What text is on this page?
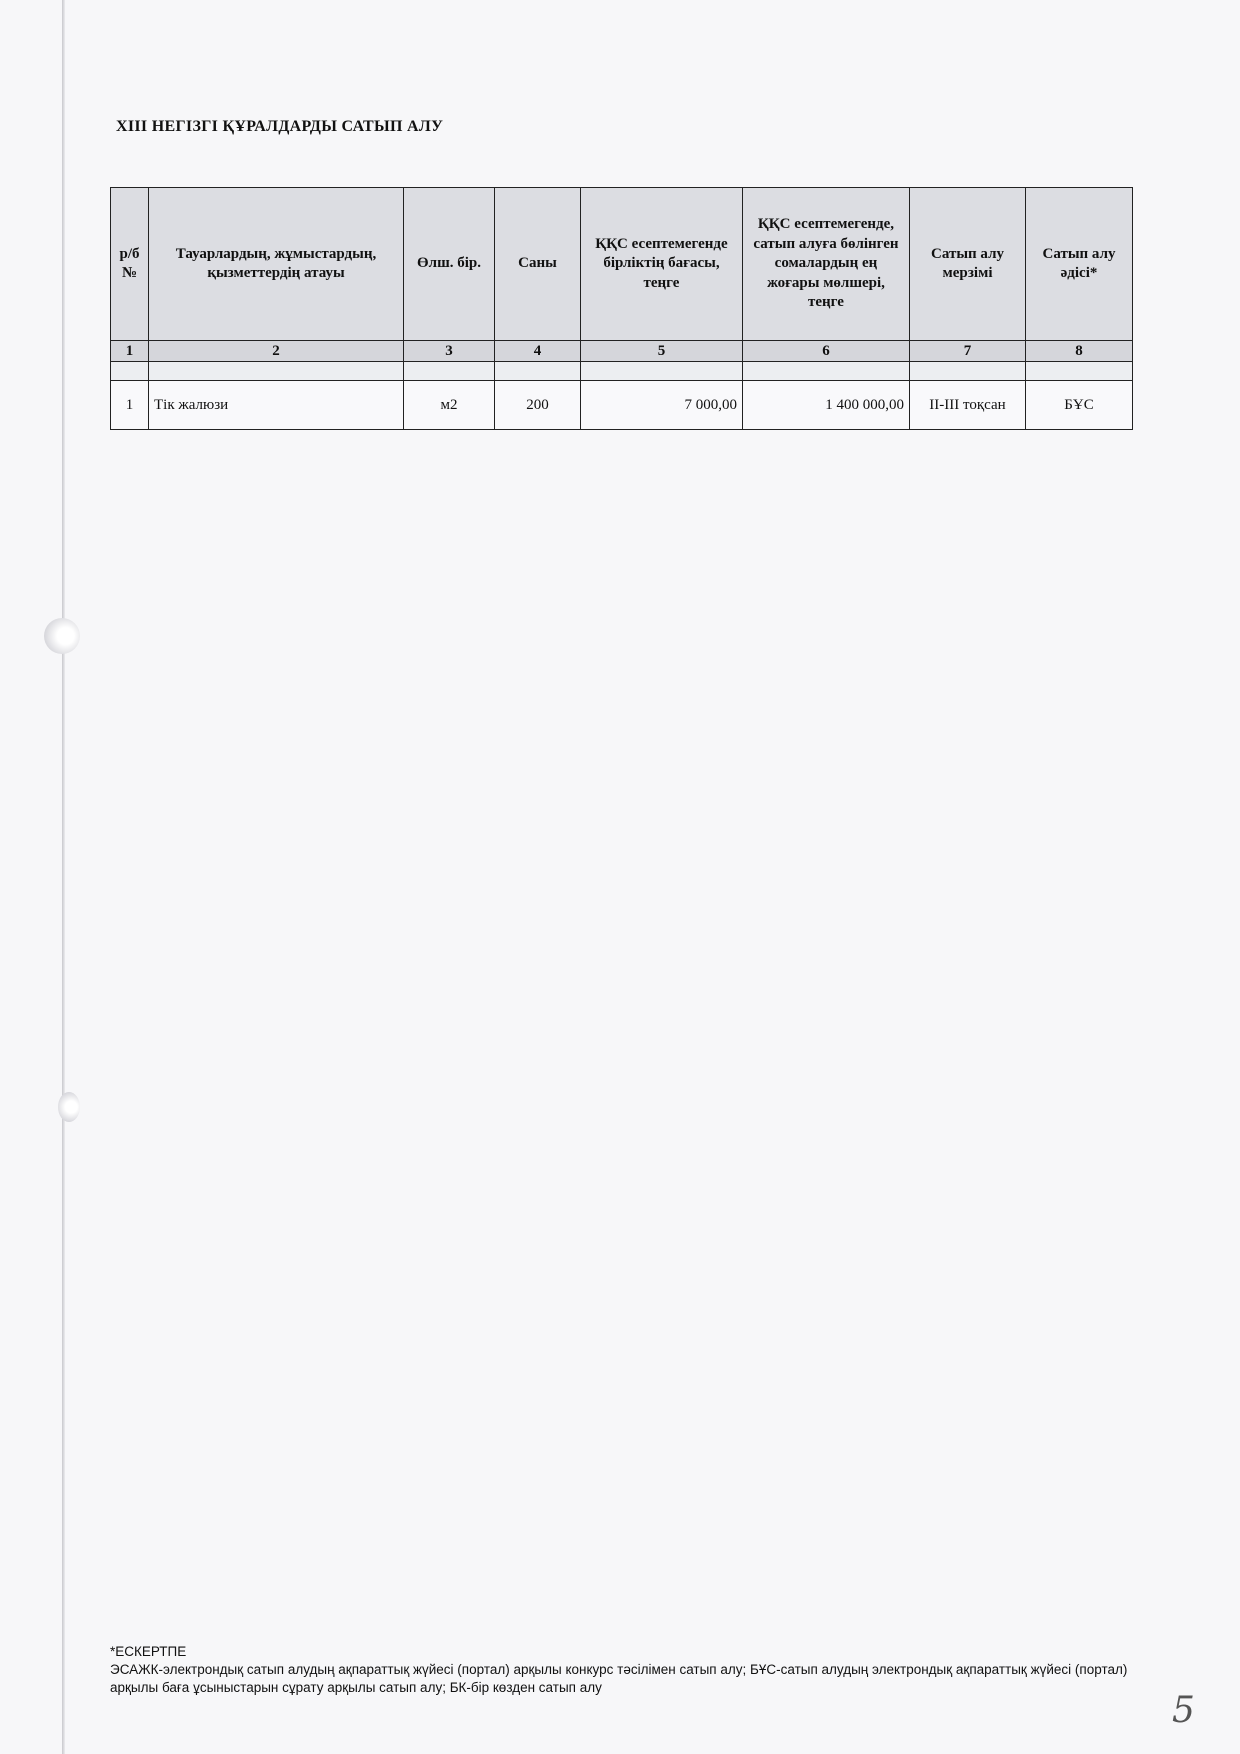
XIII НЕГІЗГІ ҚҰРАЛДАРДЫ САТЫП АЛУ
р/б №	Тауарлардың, жұмыстардың, қызметтердің атауы	Өлш. бір.	Саны	ҚҚС есептемегенде бірліктің бағасы, теңге	ҚҚС есептемегенде, сатып алуға бөлінген сомалардың ең жоғары мөлшері, теңге	Сатып алу мерзімі	Сатып алу әдісі*
1	2	3	4	5	6	7	8

1	Тік жалюзи	м2	200	7 000,00	1 400 000,00	II-III тоқсан	БҰС
*ЕСКЕРТПЕ
ЭСАЖК-электрондық сатып алудың ақпараттық жүйесі (портал) арқылы конкурс тәсілімен сатып алу; БҰС-сатып алудың электрондық ақпараттық жүйесі (портал) арқылы баға ұсыныстарын сұрату арқылы сатып алу; БК-бір көзден сатып алу
5
